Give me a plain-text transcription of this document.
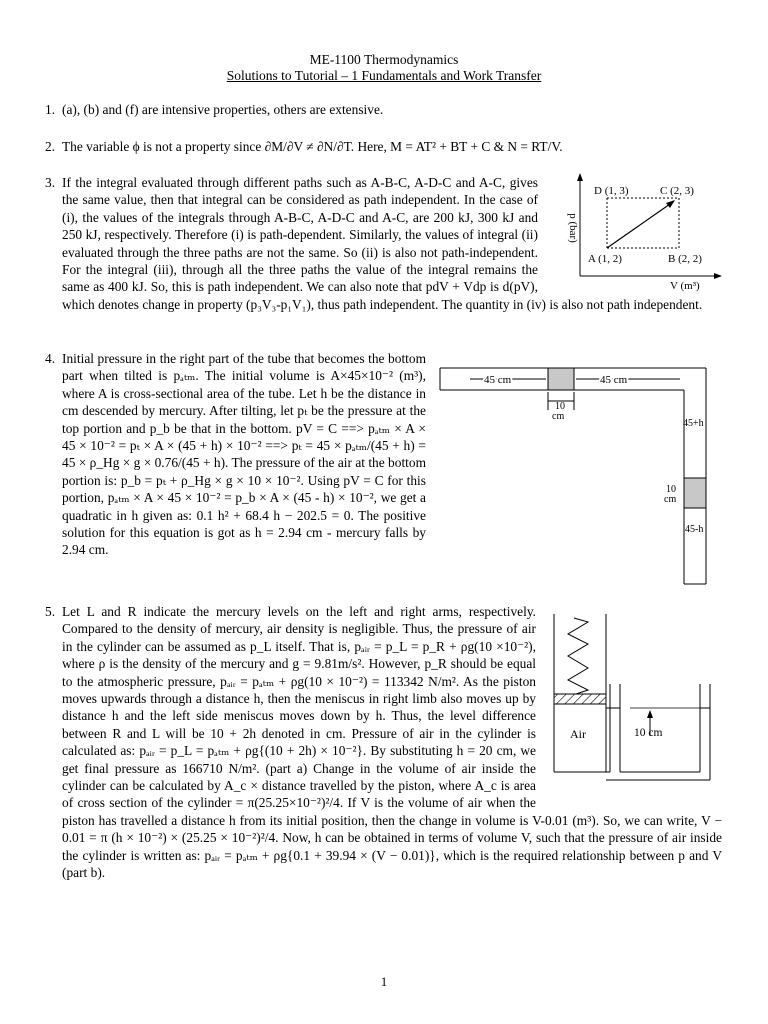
ME-1100 Thermodynamics
Solutions to Tutorial – 1 Fundamentals and Work Transfer
1. (a), (b) and (f) are intensive properties, others are extensive.
2. The variable ϕ is not a property since ∂M/∂V ≠ ∂N/∂T. Here, M = AT² + BT + C & N = RT/V.
3. If the integral evaluated through different paths such as A-B-C, A-D-C and A-C, gives the same value, then that integral can be considered as path independent. In the case of (i), the values of the integrals through A-B-C, A-D-C and A-C, are 200 kJ, 300 kJ and 250 kJ, respectively. Therefore (i) is path-dependent. Similarly, the values of integral (ii) evaluated through the three paths are not the same. So (ii) is also not path-independent. For the integral (iii), through all the three paths the value of the integral remains the same as 400 kJ. So, this is path independent. We can also note that pdV + Vdp is d(pV), which denotes change in property (p₃V₃-p₁V₁), thus path independent. The quantity in (iv) is also not path independent.
p (bar)
V (m³)
D (1, 3)	C (2, 3)
A (1, 2)	B (2, 2)
4. Initial pressure in the right part of the tube that becomes the bottom part when tilted is pₐₜₘ. The initial volume is A×45×10⁻² (m³), where A is cross-sectional area of the tube. Let h be the distance in cm descended by mercury. After tilting, let pₜ be the pressure at the top portion and p_b be that in the bottom. pV = C ==> pₐₜₘ × A × 45 × 10⁻² = pₜ × A × (45 + h) × 10⁻² ==> pₜ = 45 × pₐₜₘ/(45 + h) = 45 × ρ_Hg × g × 0.76/(45 + h). The pressure of the air at the bottom portion is: p_b = pₜ + ρ_Hg × g × 10 × 10⁻². Using pV = C for this portion, pₐₜₘ × A × 45 × 10⁻² = p_b × A × (45 - h) × 10⁻², we get a quadratic in h given as: 0.1 h² + 68.4 h − 202.5 = 0. The positive solution for this equation is got as h = 2.94 cm - mercury falls by 2.94 cm.
45 cm	45 cm
10
cm
45+h
10
cm
45-h
5. Let L and R indicate the mercury levels on the left and right arms, respectively. Compared to the density of mercury, air density is negligible. Thus, the pressure of air in the cylinder can be assumed as p_L itself. That is, pₐᵢᵣ = p_L = p_R + ρg(10 ×10⁻²), where ρ is the density of the mercury and g = 9.81m/s². However, p_R should be equal to the atmospheric pressure, pₐᵢᵣ = pₐₜₘ + ρg(10 × 10⁻²) = 113342 N/m². As the piston moves upwards through a distance h, then the meniscus in right limb also moves up by distance h and the left side meniscus moves down by h. Thus, the level difference between R and L will be 10 + 2h denoted in cm. Pressure of air in the cylinder is calculated as: pₐᵢᵣ = p_L = pₐₜₘ + ρg{(10 + 2h) × 10⁻²}. By substituting h = 20 cm, we get final pressure as 166710 N/m². (part a) Change in the volume of air inside the cylinder can be calculated by A_c × distance travelled by the piston, where A_c is area of cross section of the cylinder = π(25.25×10⁻²)²/4. If V is the volume of air when the piston has travelled a distance h from its initial position, then the change in volume is V-0.01 (m³). So, we can write, V − 0.01 = π (h × 10⁻²) × (25.25 × 10⁻²)²/4. Now, h can be obtained in terms of volume V, such that the pressure of air inside the cylinder is written as: pₐᵢᵣ = pₐₜₘ + ρg{0.1 + 39.94 × (V − 0.01)}, which is the required relationship between p and V (part b).
Air	10 cm
1
